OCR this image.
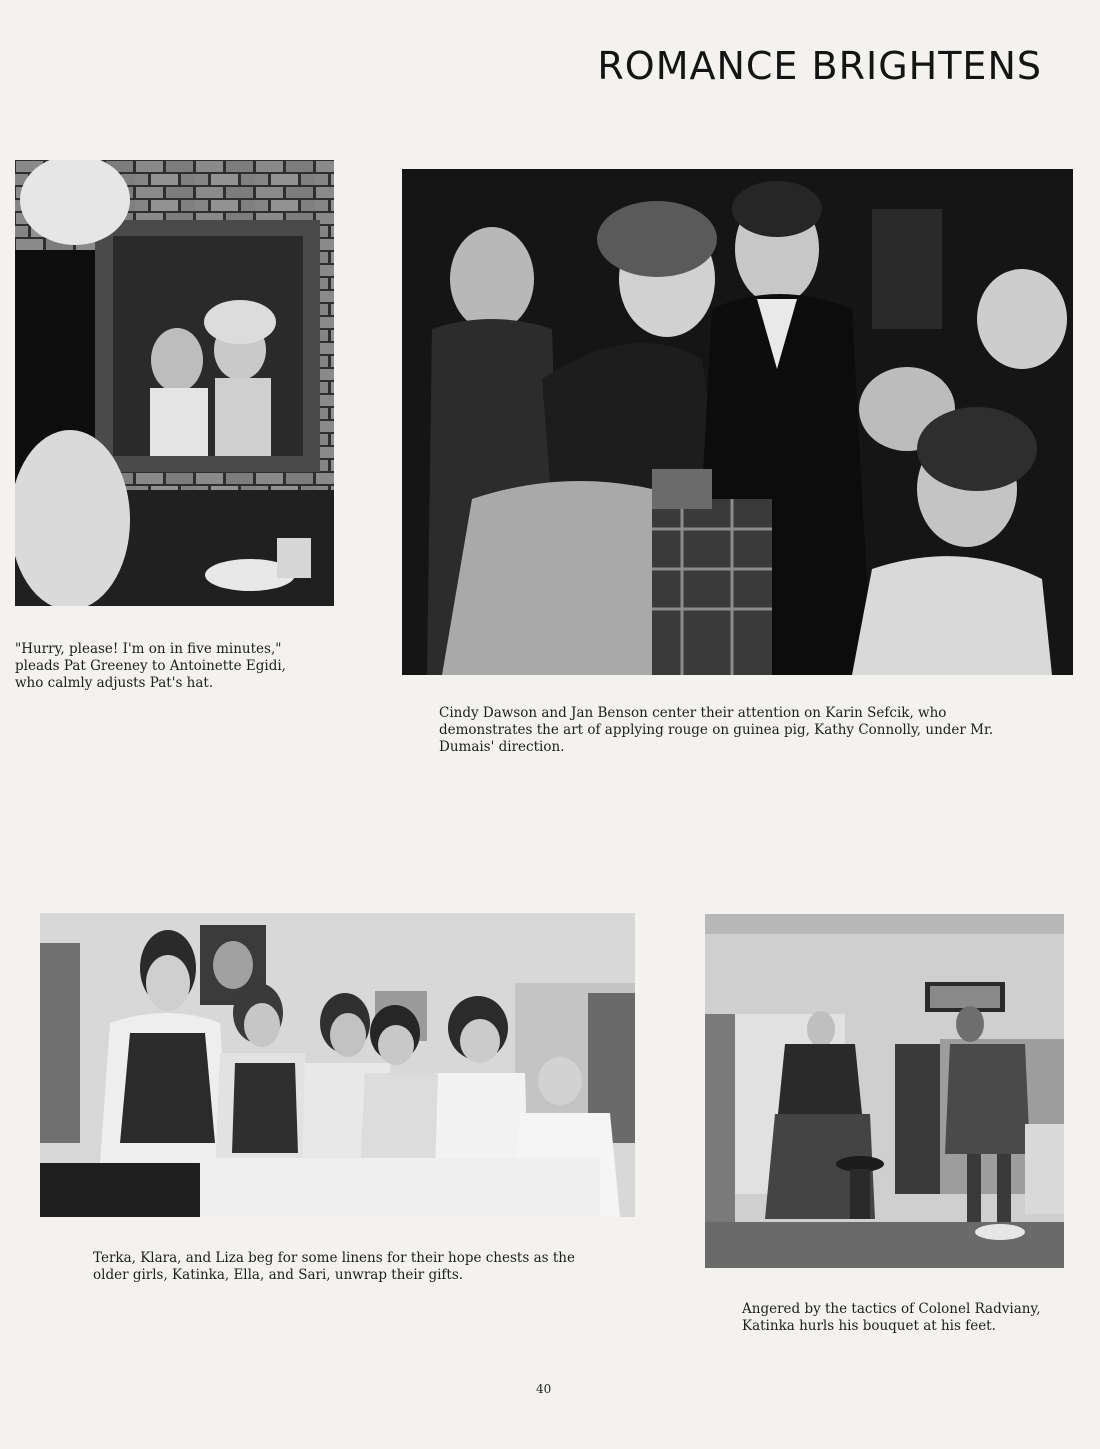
ROMANCE BRIGHTENS

"Hurry, please! I'm on in five minutes," pleads Pat Greeney to Antoinette Egidi, who calmly adjusts Pat's hat.

Cindy Dawson and Jan Benson center their attention on Karin Sefcik, who demonstrates the art of applying rouge on guinea pig, Kathy Connolly, under Mr. Dumais' direction.

Terka, Klara, and Liza beg for some linens for their hope chests as the older girls, Katinka, Ella, and Sari, unwrap their gifts.

Angered by the tactics of Colonel Radviany, Katinka hurls his bouquet at his feet.

40
